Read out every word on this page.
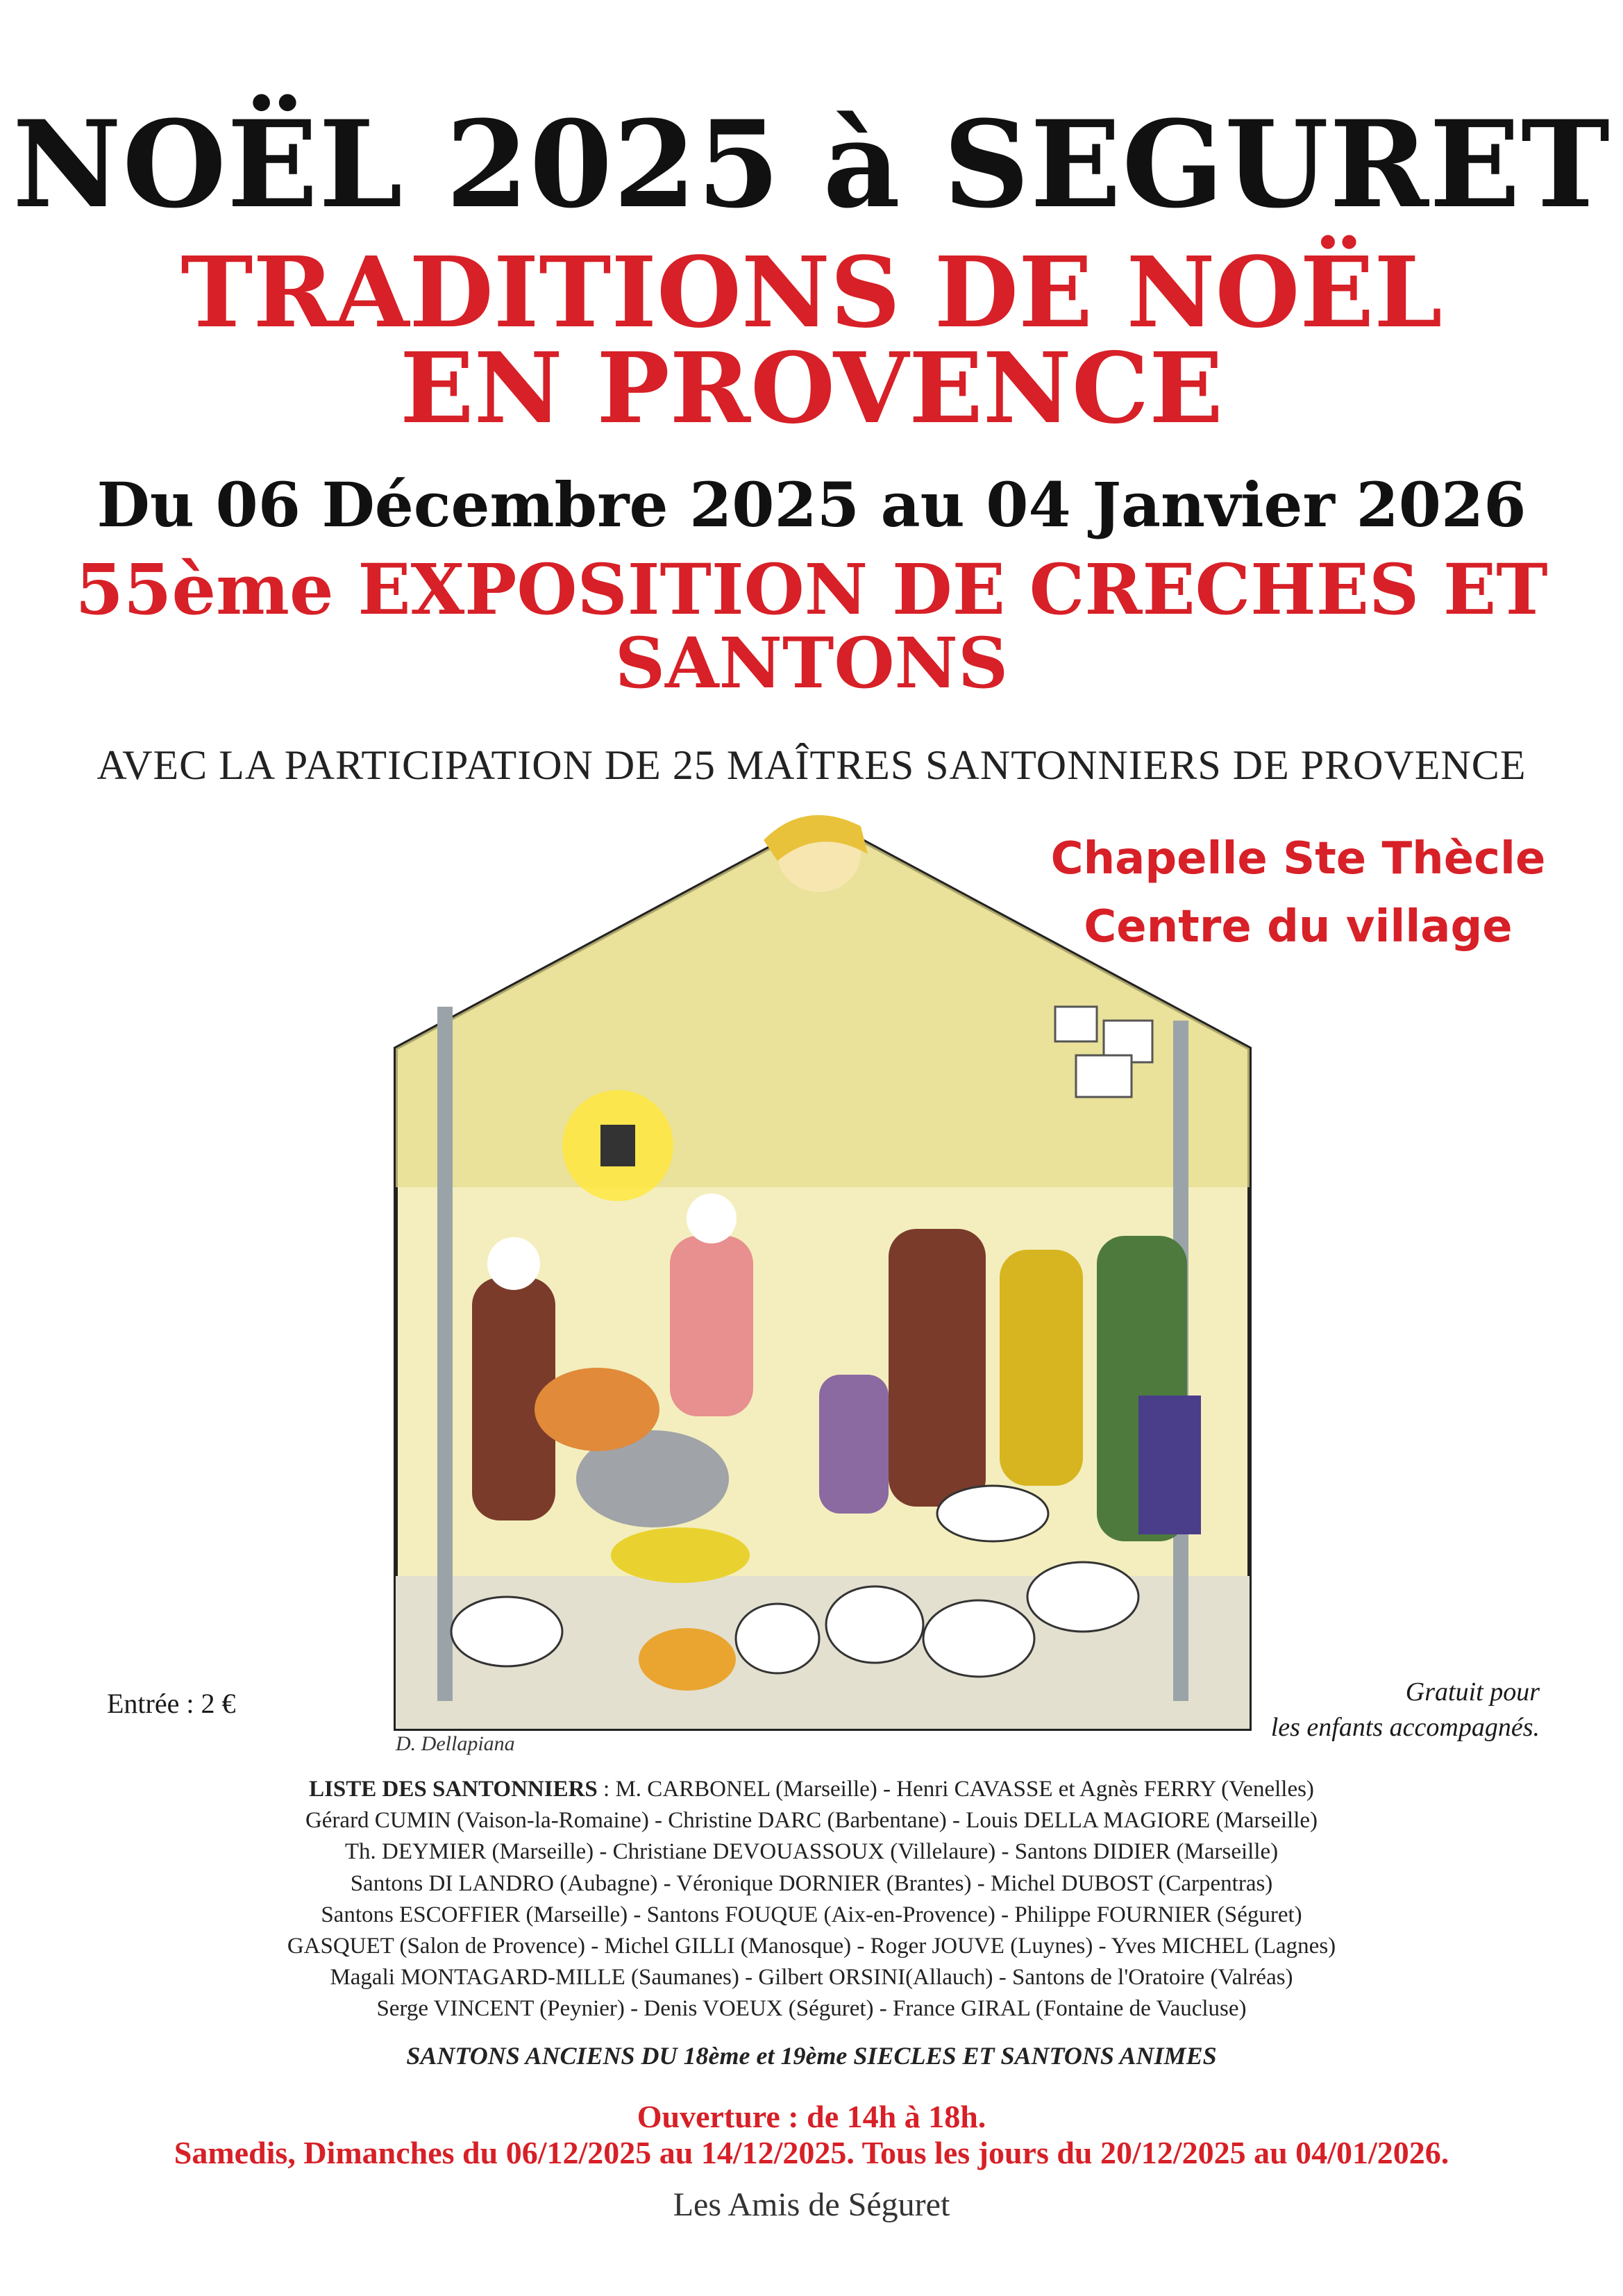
NOËL 2025 à SEGURET
TRADITIONS DE NOËL
EN PROVENCE
Du 06 Décembre 2025 au 04 Janvier 2026
55ème EXPOSITION DE CRECHES ET
SANTONS
AVEC LA PARTICIPATION DE 25 MAÎTRES SANTONNIERS DE PROVENCE
Chapelle Ste Thècle
Centre du village
Entrée : 2 €	Gratuit pour
les enfants accompagnés.
D. Dellapiana
LISTE DES SANTONNIERS : M. CARBONEL (Marseille) - Henri CAVASSE et Agnès FERRY (Venelles)
Gérard CUMIN (Vaison-la-Romaine) - Christine DARC (Barbentane) - Louis DELLA MAGIORE (Marseille)
Th. DEYMIER (Marseille) - Christiane DEVOUASSOUX (Villelaure) - Santons DIDIER (Marseille)
Santons DI LANDRO (Aubagne) - Véronique DORNIER (Brantes) - Michel DUBOST (Carpentras)
Santons ESCOFFIER (Marseille) - Santons FOUQUE (Aix-en-Provence) - Philippe FOURNIER (Séguret)
GASQUET (Salon de Provence) - Michel GILLI (Manosque) - Roger JOUVE (Luynes) - Yves MICHEL (Lagnes)
Magali MONTAGARD-MILLE (Saumanes) - Gilbert ORSINI(Allauch) - Santons de l'Oratoire (Valréas)
Serge VINCENT (Peynier) - Denis VOEUX (Séguret) - France GIRAL (Fontaine de Vaucluse)
SANTONS ANCIENS DU 18ème et 19ème SIECLES ET SANTONS ANIMES
Ouverture : de 14h à 18h.
Samedis, Dimanches du 06/12/2025 au 14/12/2025. Tous les jours du 20/12/2025 au 04/01/2026.
Les Amis de Séguret
